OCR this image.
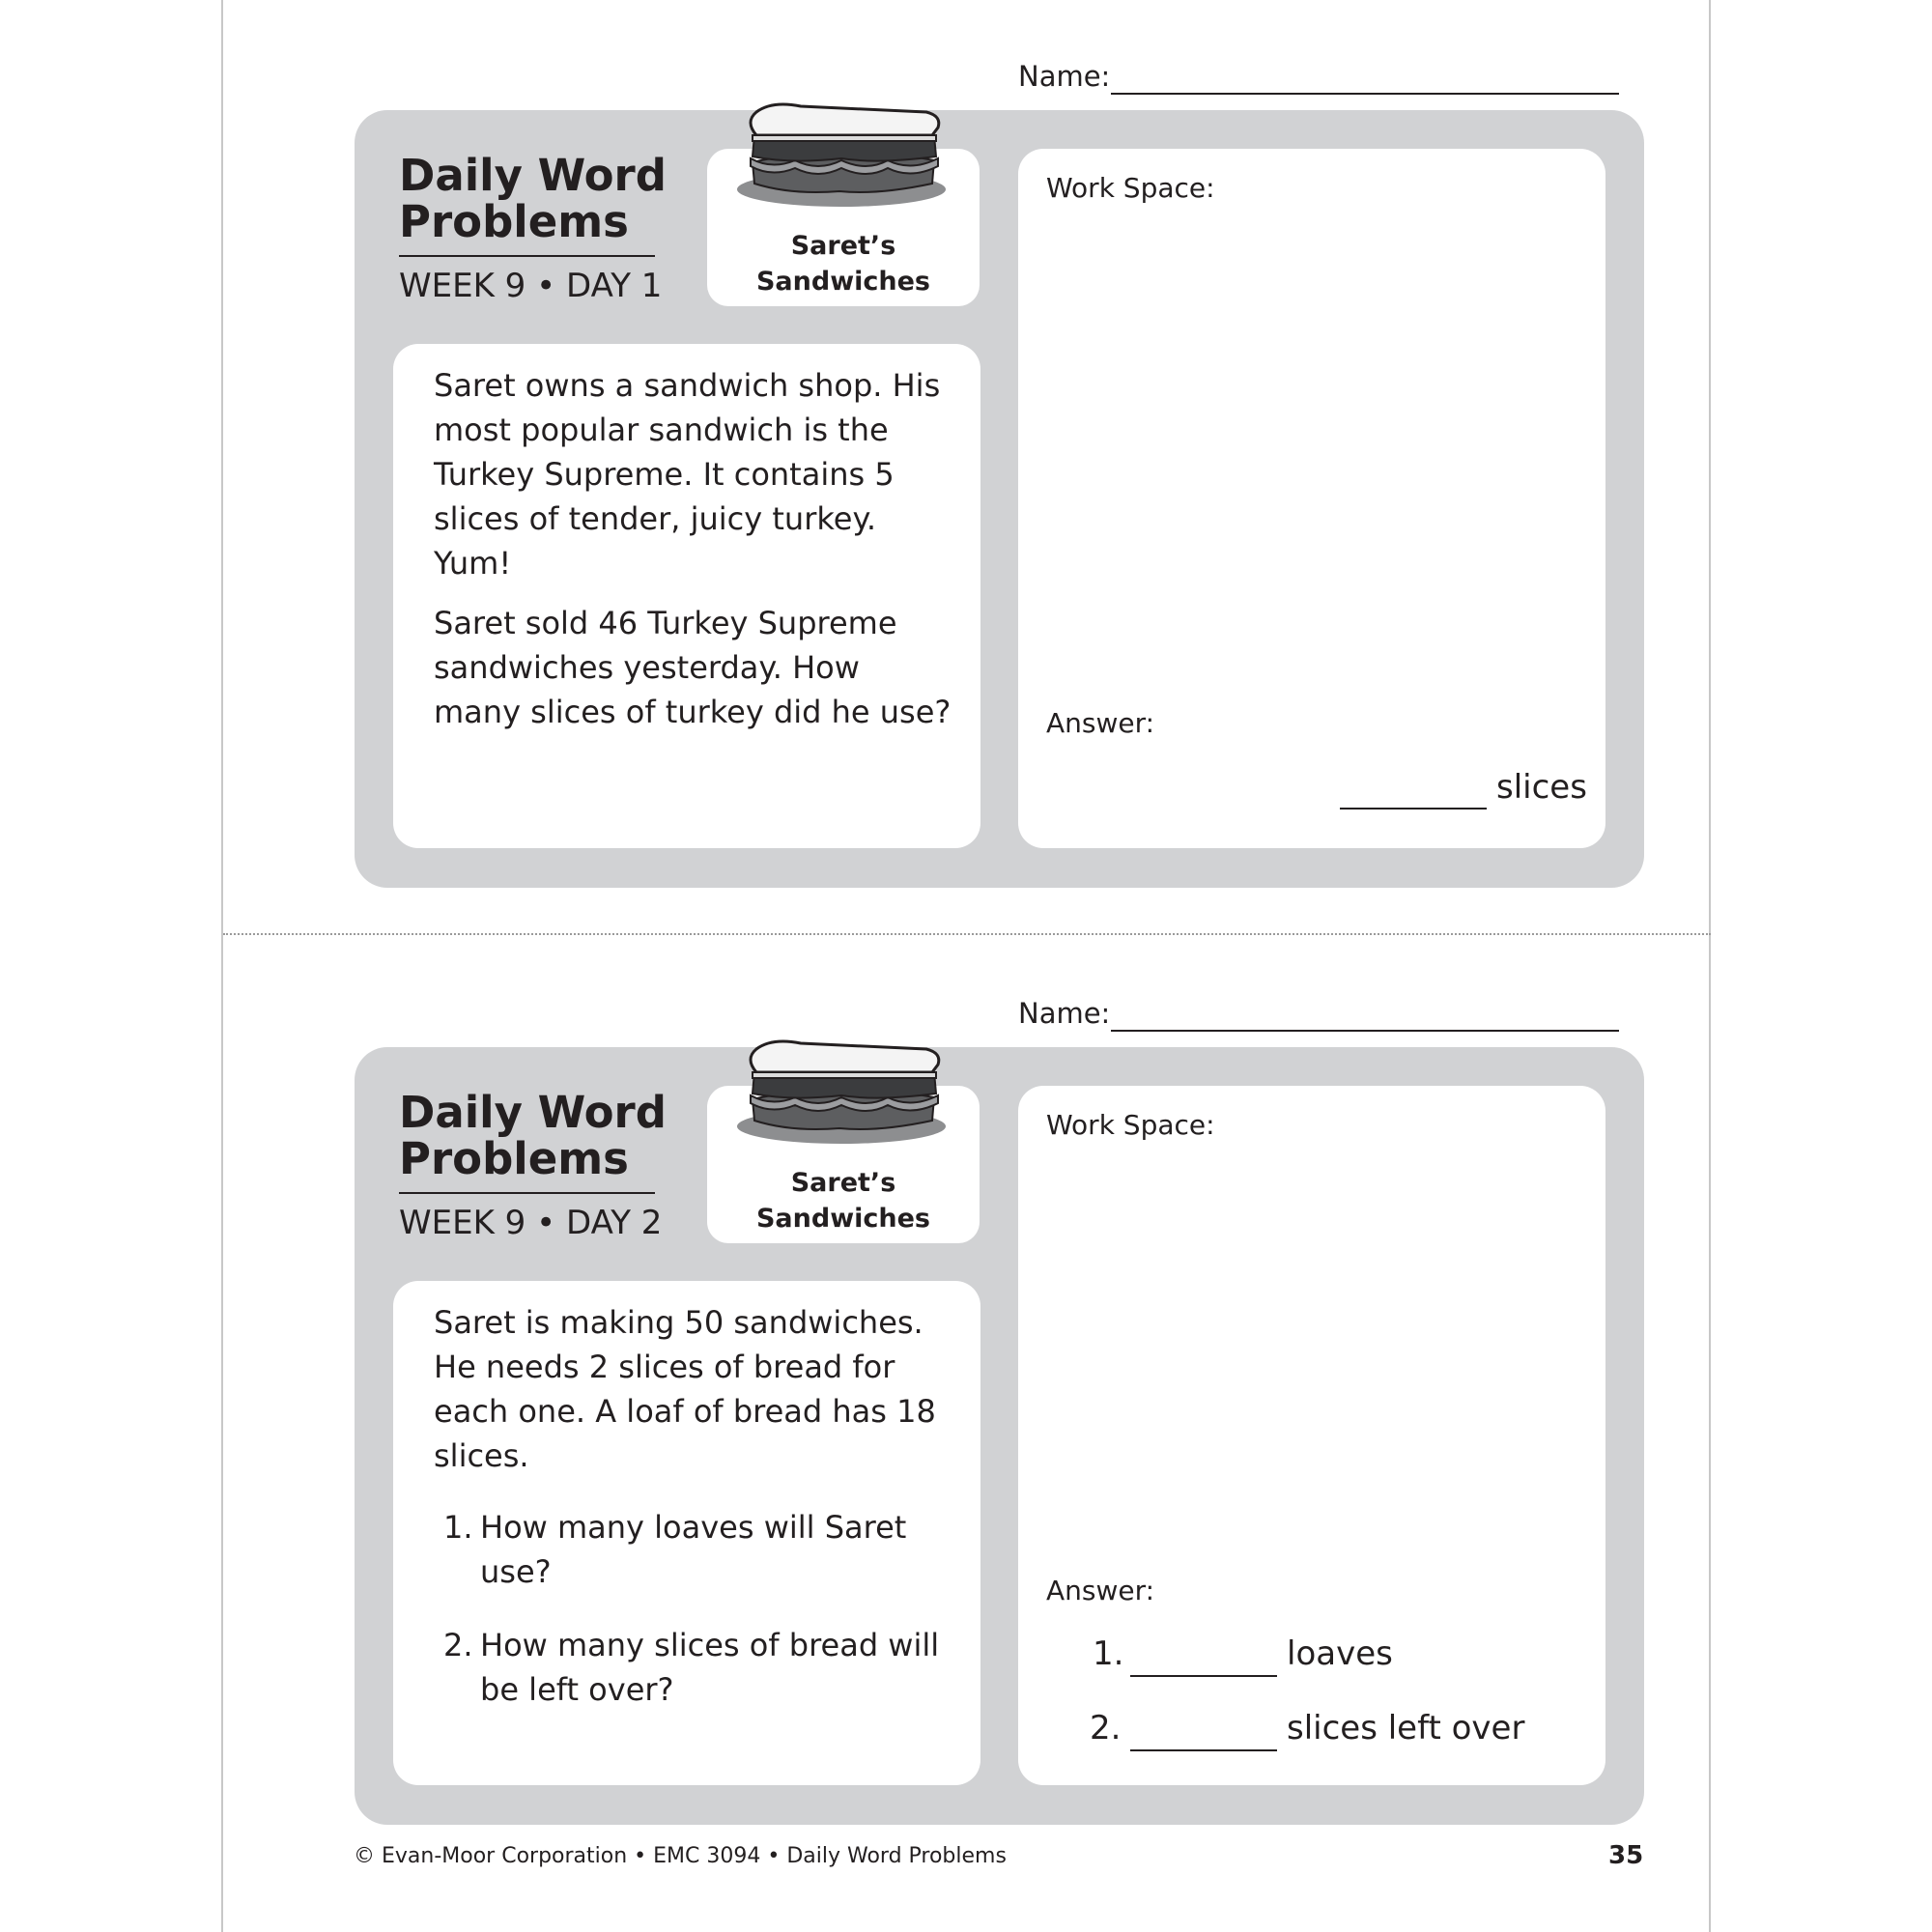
Name:
Daily Word
Problems
WEEK 9 • DAY 1
Saret’s
Sandwiches

Saret owns a sandwich shop. His most popular sandwich is the Turkey Supreme. It contains 5 slices of tender, juicy turkey. Yum!

Saret sold 46 Turkey Supreme sandwiches yesterday. How many slices of turkey did he use?

Work Space:
Answer:
slices
Name:
Daily Word
Problems
WEEK 9 • DAY 2
Saret’s
Sandwiches

Saret is making 50 sandwiches. He needs 2 slices of bread for each one. A loaf of bread has 18 slices.

1. How many loaves will Saret use?
2. How many slices of bread will be left over?
Work Space:
Answer:
1.	loaves
2.	slices left over
© Evan-Moor Corporation • EMC 3094 • Daily Word Problems	35
